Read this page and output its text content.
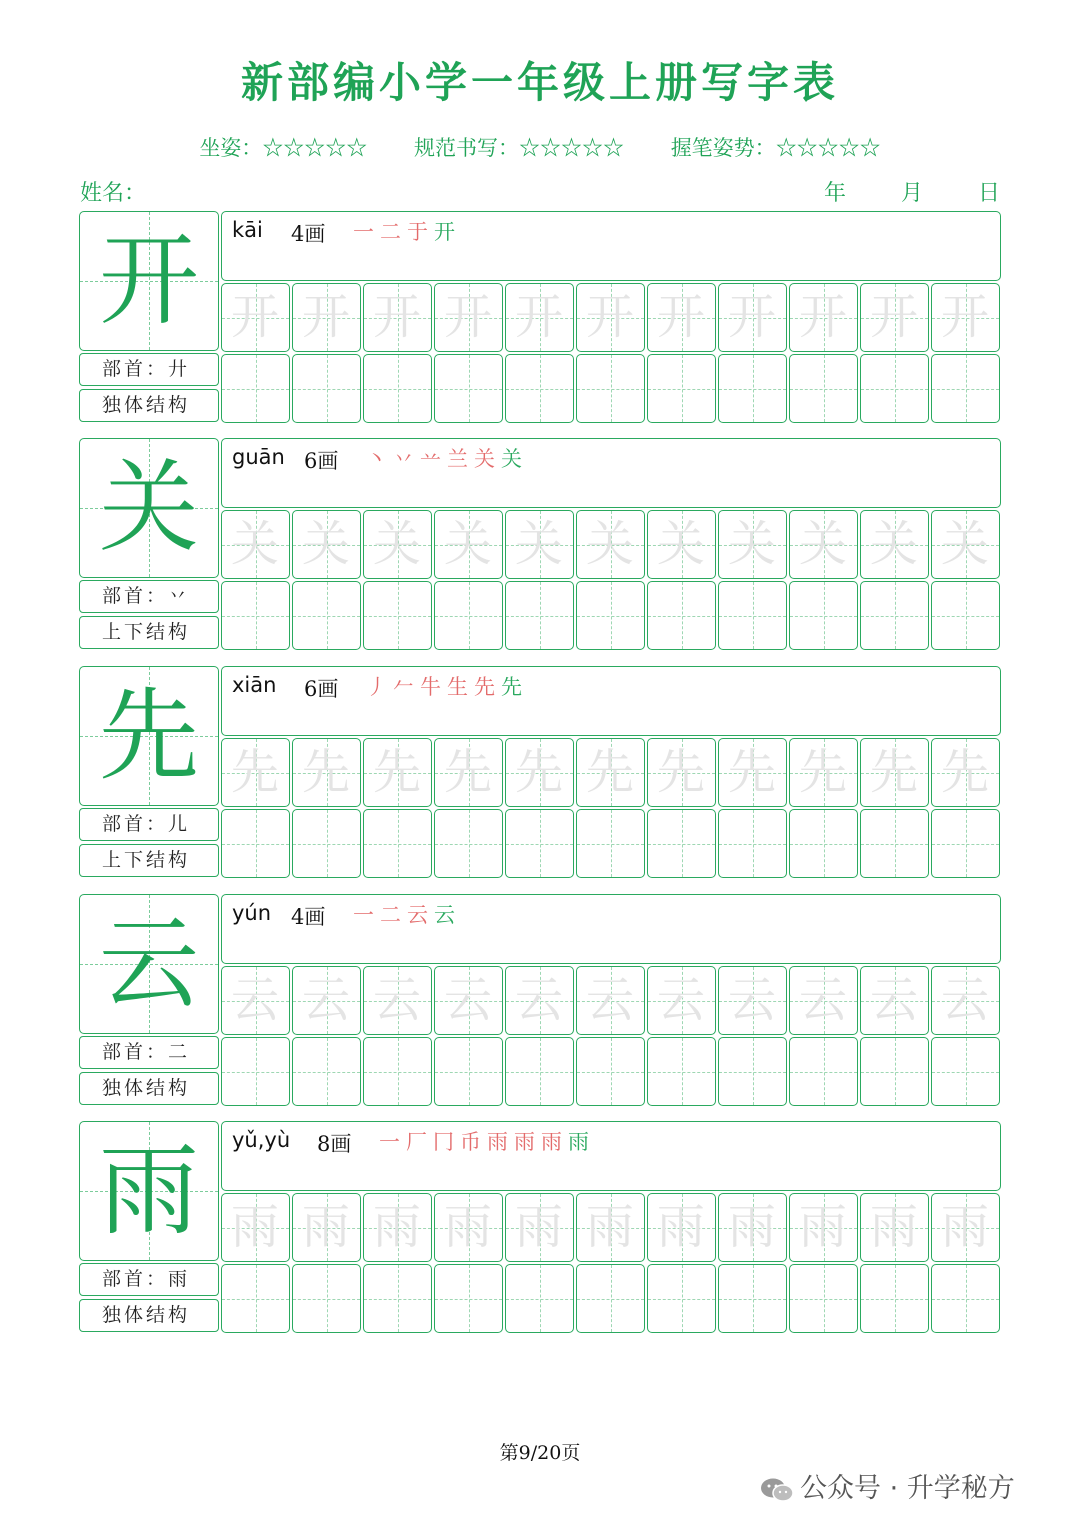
新部编小学一年级上册写字表
坐姿：☆☆☆☆☆ 规范书写：☆☆☆☆☆ 握笔姿势：☆☆☆☆☆
姓名：	年	月	日
开
部首：廾
独体结构
kāi 4画 一二于开
开 开 开 开 开 开 开 开 开 开 开
关
部首：丷
上下结构
guān 6画 丶丷䒑兰关关
关 关 关 关 关 关 关 关 关 关 关
先
部首：儿
上下结构
xiān 6画 丿𠂉牛生先先
先 先 先 先 先 先 先 先 先 先 先
云
部首：二
独体结构
yún 4画 一二云云
云 云 云 云 云 云 云 云 云 云 云
雨
部首：雨
独体结构
yǔ,yù 8画 一厂冂币雨雨雨雨
雨 雨 雨 雨 雨 雨 雨 雨 雨 雨 雨
第9/20页
公众号 · 升学秘方
